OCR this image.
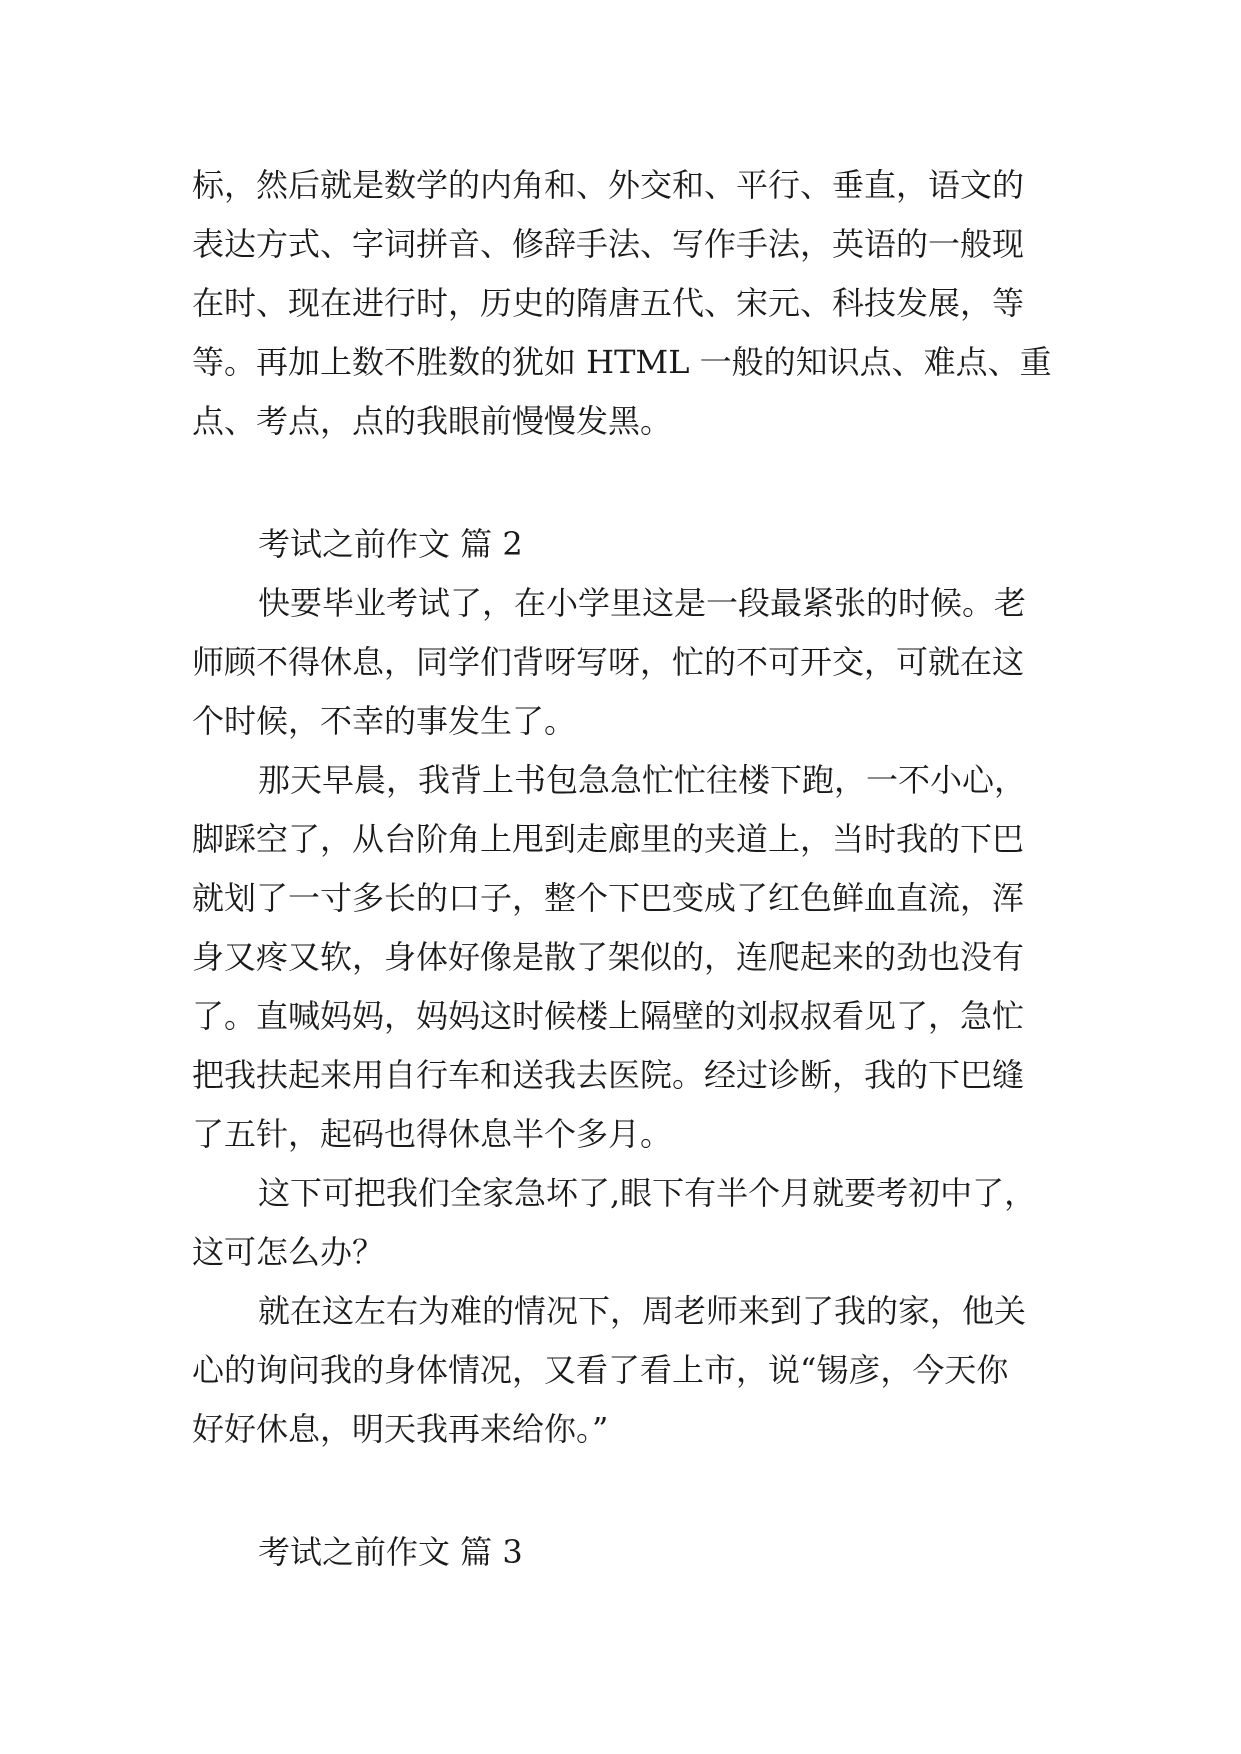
标，然后就是数学的内角和、外交和、平行、垂直，语文的
表达方式、字词拼音、修辞手法、写作手法，英语的一般现
在时、现在进行时，历史的隋唐五代、宋元、科技发展，等
等。再加上数不胜数的犹如 HTML 一般的知识点、难点、重
点、考点，点的我眼前慢慢发黑。
考试之前作文 篇 2
快要毕业考试了，在小学里这是一段最紧张的时候。老
师顾不得休息，同学们背呀写呀，忙的不可开交，可就在这
个时候，不幸的事发生了。
那天早晨，我背上书包急急忙忙往楼下跑，一不小心，
脚踩空了，从台阶角上甩到走廊里的夹道上，当时我的下巴
就划了一寸多长的口子，整个下巴变成了红色鲜血直流，浑
身又疼又软，身体好像是散了架似的，连爬起来的劲也没有
了。直喊妈妈，妈妈这时候楼上隔壁的刘叔叔看见了，急忙
把我扶起来用自行车和送我去医院。经过诊断，我的下巴缝
了五针，起码也得休息半个多月。
这下可把我们全家急坏了,眼下有半个月就要考初中了，
这可怎么办？
就在这左右为难的情况下，周老师来到了我的家，他关
心的询问我的身体情况，又看了看上市，说“锡彦，今天你
好好休息，明天我再来给你。”
考试之前作文 篇 3
